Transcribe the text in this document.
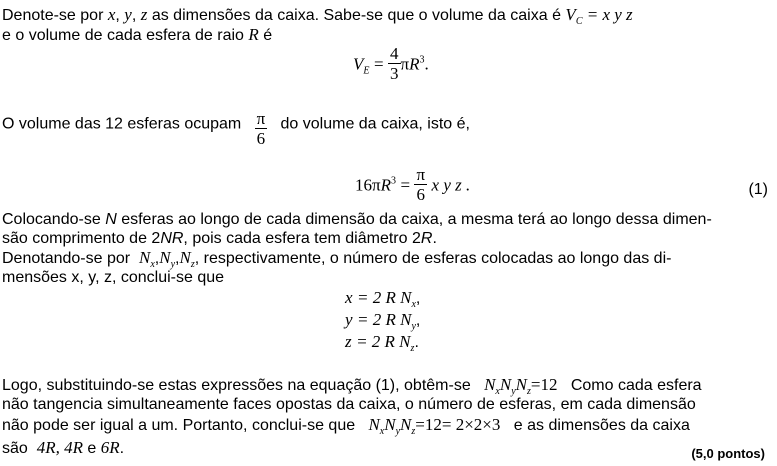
Denote-se por x, y, z as dimensões da caixa. Sabe-se que o volume da caixa é $V_C = x$ y z
e o volume de cada esfera de raio R é
$V_E = \frac{4}{3} \pi R^3$.
O volume das 12 esferas ocupam $\frac{\pi}{6}$ do volume da caixa, isto é,
$16\pi R^3 = \frac{\pi}{6}$ x y z .	(1)
Colocando-se N esferas ao longo de cada dimensão da caixa, a mesma terá ao longo dessa dimen-
são comprimento de 2NR, pois cada esfera tem diâmetro 2R.
Denotando-se por $N_x,N_y,N_z$, respectivamente, o número de esferas colocadas ao longo das di-
mensões x, y, z, conclui-se que
x = 2 R $N_x$,
y = 2 R $N_y$,
z = 2 R $N_z$.
Logo, substituindo-se estas expressões na equação (1), obtêm-se $N_xN_yN_z=12$ Como cada esfera
não tangencia simultaneamente faces opostas da caixa, o número de esferas, em cada dimensão
não pode ser igual a um. Portanto, conclui-se que $N_xN_yN_z=12= 2\times 2\times 3$ e as dimensões da caixa
são 4R, 4R e 6R.	(5,0 pontos)
